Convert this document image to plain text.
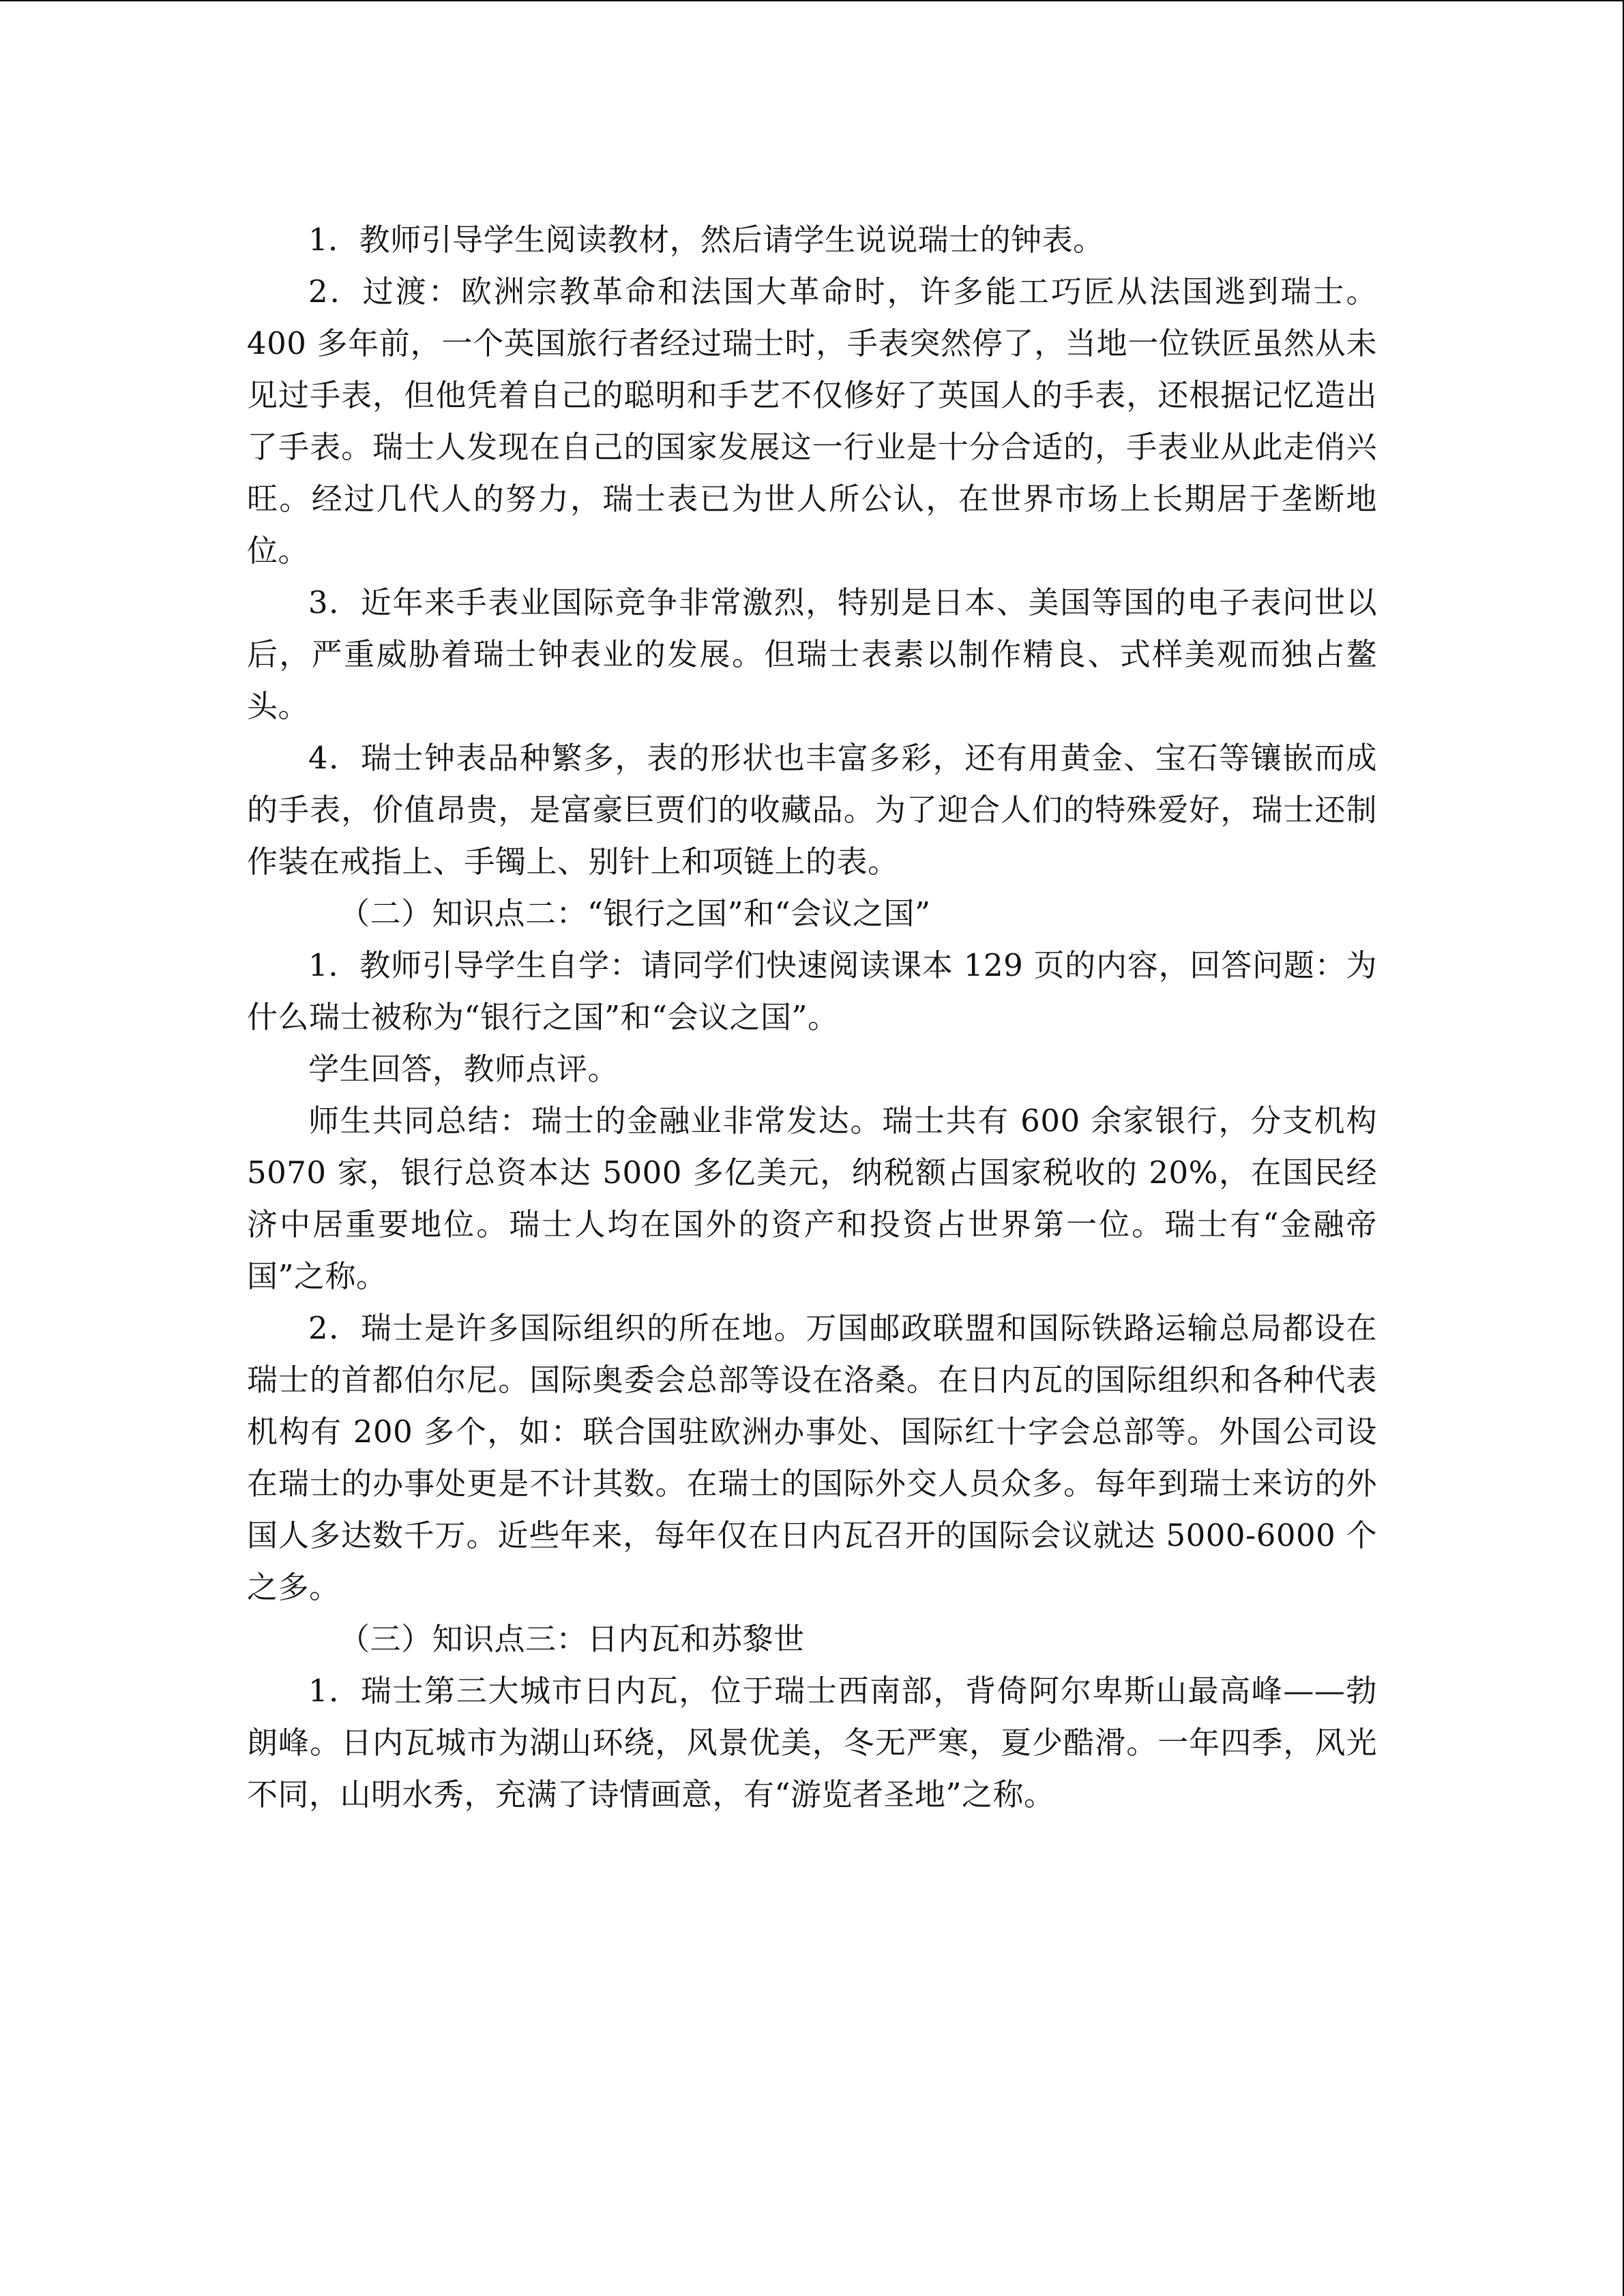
1．教师引导学生阅读教材，然后请学生说说瑞士的钟表。

2．过渡：欧洲宗教革命和法国大革命时，许多能工巧匠从法国逃到瑞士。400 多年前，一个英国旅行者经过瑞士时，手表突然停了，当地一位铁匠虽然从未见过手表，但他凭着自己的聪明和手艺不仅修好了英国人的手表，还根据记忆造出了手表。瑞士人发现在自己的国家发展这一行业是十分合适的，手表业从此走俏兴旺。经过几代人的努力，瑞士表已为世人所公认，在世界市场上长期居于垄断地位。

3．近年来手表业国际竞争非常激烈，特别是日本、美国等国的电子表问世以后，严重威胁着瑞士钟表业的发展。但瑞士表素以制作精良、式样美观而独占鳌头。

4．瑞士钟表品种繁多，表的形状也丰富多彩，还有用黄金、宝石等镶嵌而成的手表，价值昂贵，是富豪巨贾们的收藏品。为了迎合人们的特殊爱好，瑞士还制作装在戒指上、手镯上、别针上和项链上的表。

（二）知识点二：“银行之国”和“会议之国”

1．教师引导学生自学：请同学们快速阅读课本 129 页的内容，回答问题：为什么瑞士被称为“银行之国”和“会议之国”。

学生回答，教师点评。

师生共同总结：瑞士的金融业非常发达。瑞士共有 600 余家银行，分支机构 5070 家，银行总资本达 5000 多亿美元，纳税额占国家税收的 20%，在国民经济中居重要地位。瑞士人均在国外的资产和投资占世界第一位。瑞士有“金融帝国”之称。

2．瑞士是许多国际组织的所在地。万国邮政联盟和国际铁路运输总局都设在瑞士的首都伯尔尼。国际奥委会总部等设在洛桑。在日内瓦的国际组织和各种代表机构有 200 多个，如：联合国驻欧洲办事处、国际红十字会总部等。外国公司设在瑞士的办事处更是不计其数。在瑞士的国际外交人员众多。每年到瑞士来访的外国人多达数千万。近些年来，每年仅在日内瓦召开的国际会议就达 5000-6000 个之多。

（三）知识点三：日内瓦和苏黎世

1．瑞士第三大城市日内瓦，位于瑞士西南部，背倚阿尔卑斯山最高峰——勃朗峰。日内瓦城市为湖山环绕，风景优美，冬无严寒，夏少酷滑。一年四季，风光不同，山明水秀，充满了诗情画意，有“游览者圣地”之称。
